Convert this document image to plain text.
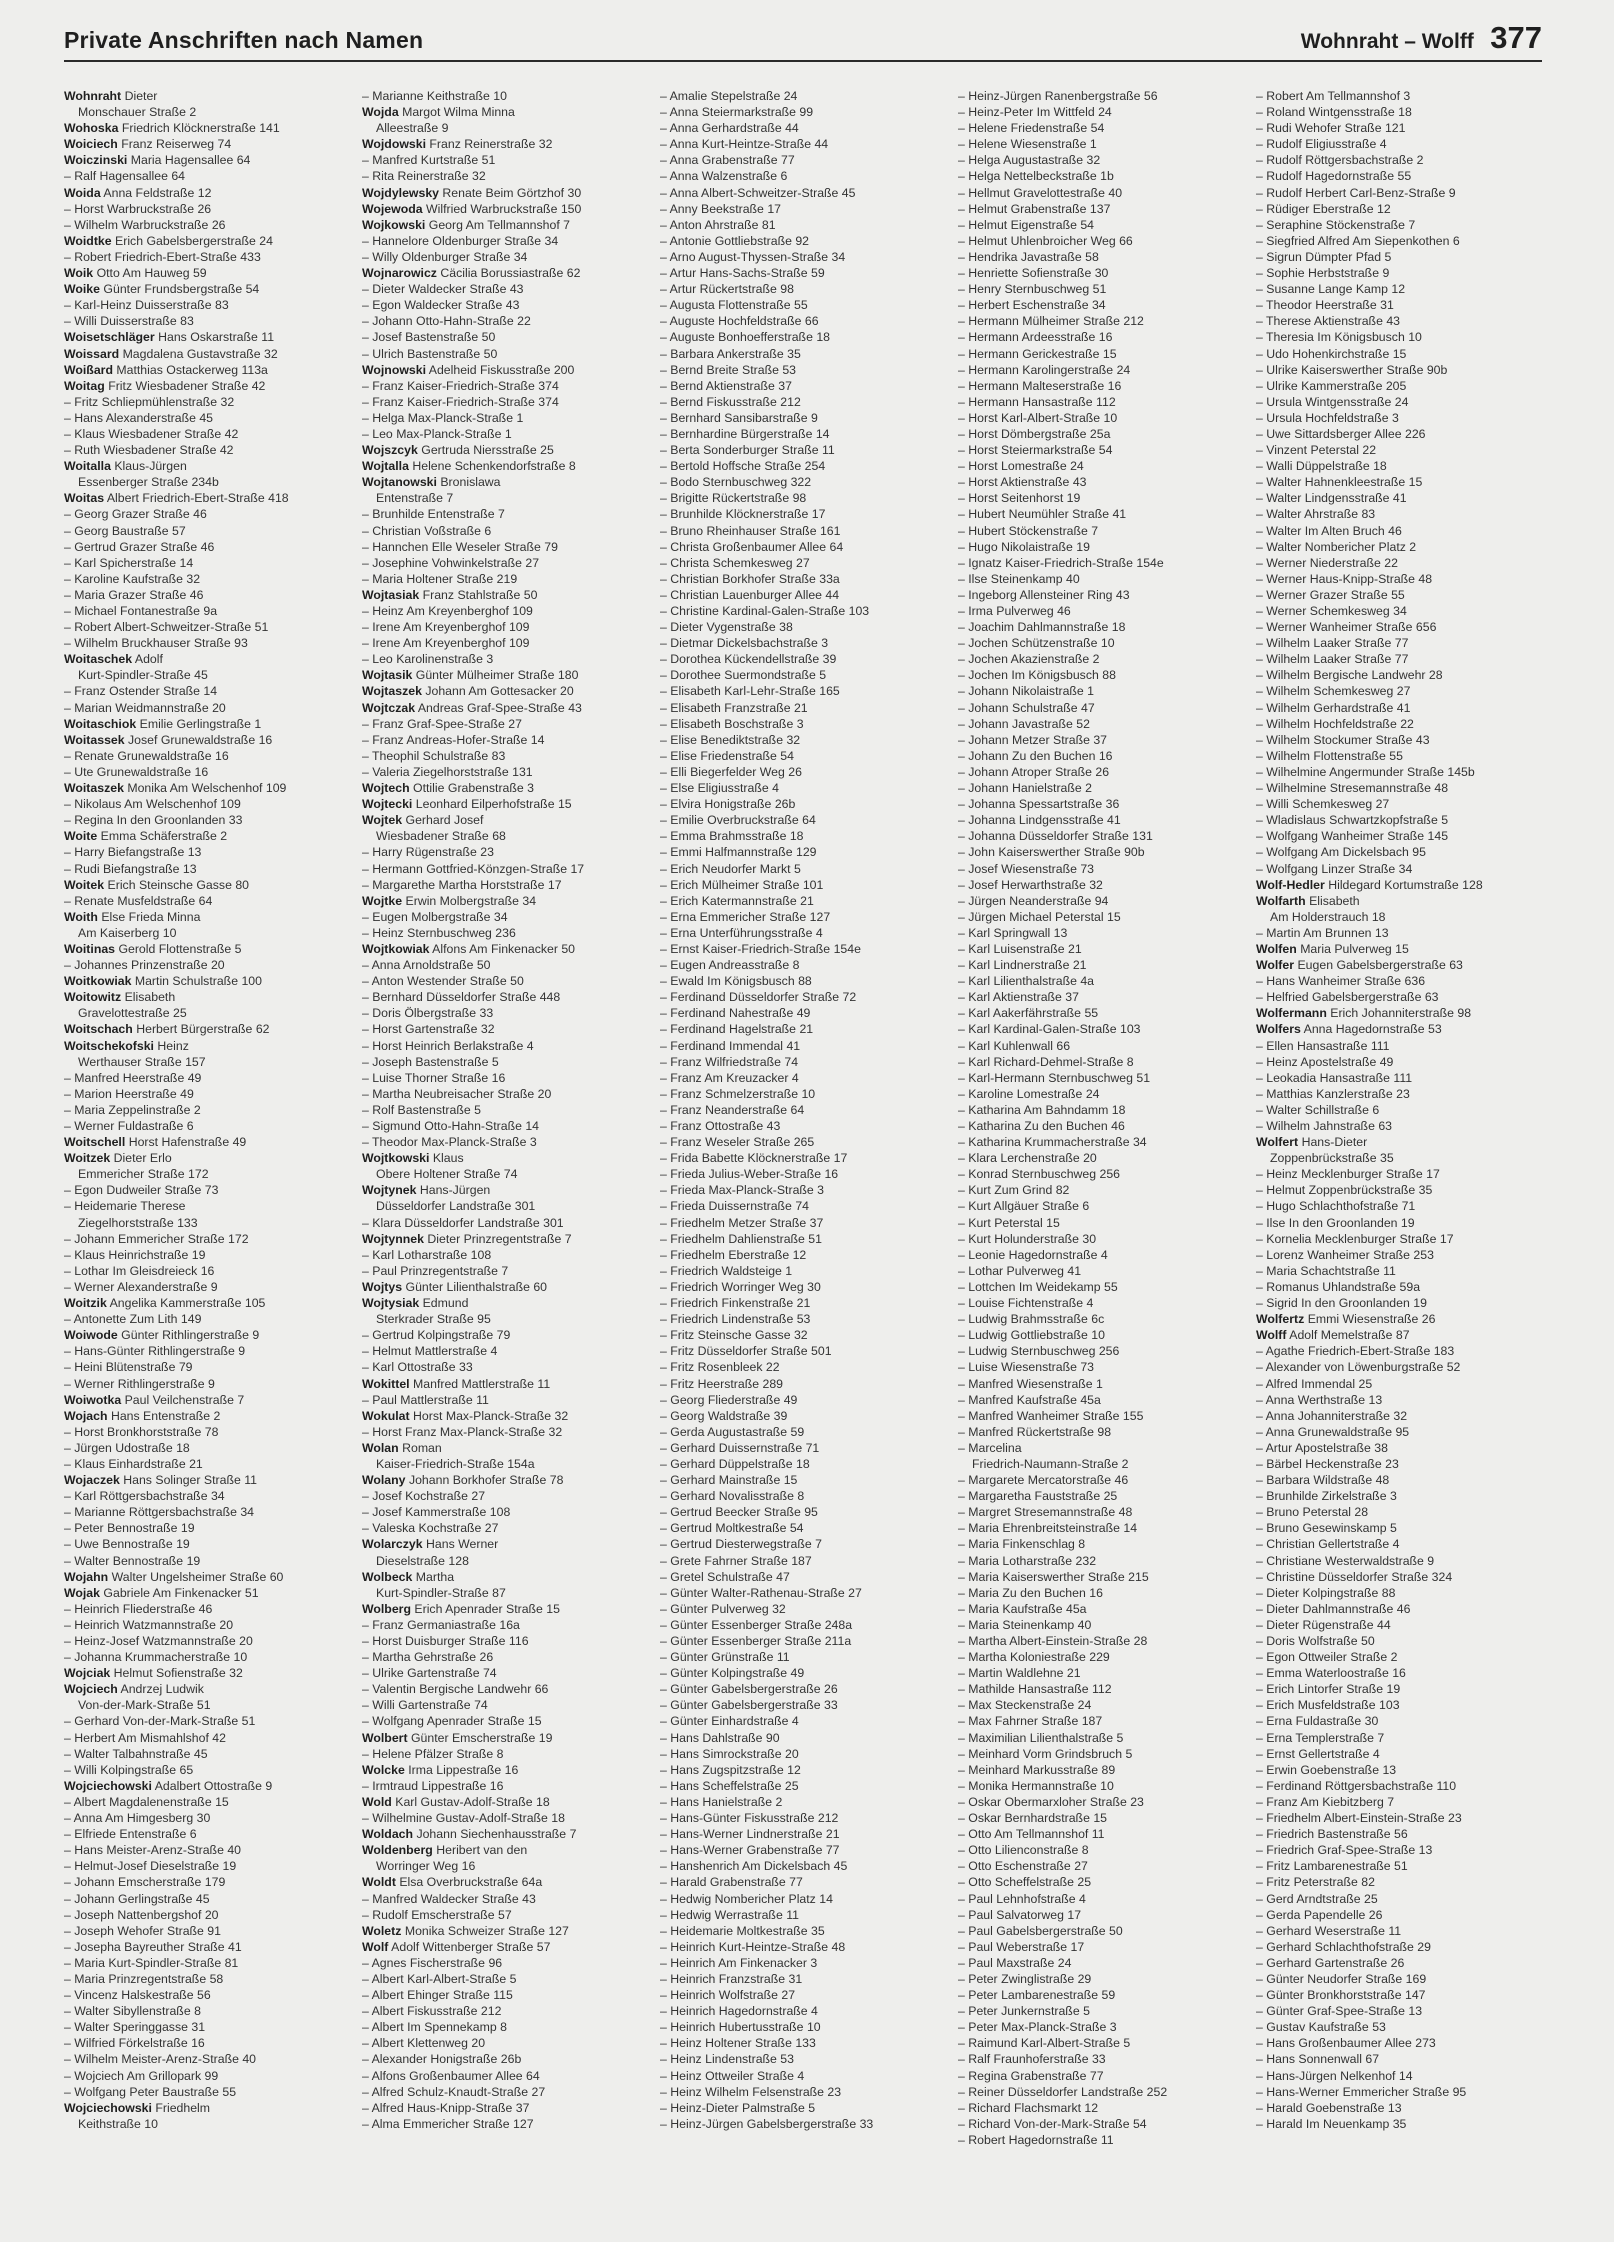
Private Anschriften nach Namen	Wohnraht – Wolff 377
Wohnraht Dieter
Monschauer Straße 2
Wohoska Friedrich Klöcknerstraße 141
Woiciech Franz Reiserweg 74
Woiczinski Maria Hagensallee 64
– Ralf Hagensallee 64
Woida Anna Feldstraße 12
– Horst Warbruckstraße 26
– Wilhelm Warbruckstraße 26
Woidtke Erich Gabelsbergerstraße 24
– Robert Friedrich-Ebert-Straße 433
Woik Otto Am Hauweg 59
Woike Günter Frundsbergstraße 54
– Karl-Heinz Duisserstraße 83
– Willi Duisserstraße 83
Woisetschläger Hans Oskarstraße 11
Woissard Magdalena Gustavstraße 32
Woißard Matthias Ostackerweg 113a
Woitag Fritz Wiesbadener Straße 42
– Fritz Schliepmühlenstraße 32
– Hans Alexanderstraße 45
– Klaus Wiesbadener Straße 42
– Ruth Wiesbadener Straße 42
Woitalla Klaus-Jürgen
Essenberger Straße 234b
Woitas Albert Friedrich-Ebert-Straße 418
– Georg Grazer Straße 46
– Georg Baustraße 57
– Gertrud Grazer Straße 46
– Karl Spicherstraße 14
– Karoline Kaufstraße 32
– Maria Grazer Straße 46
– Michael Fontanestraße 9a
– Robert Albert-Schweitzer-Straße 51
– Wilhelm Bruckhauser Straße 93
Woitaschek Adolf
Kurt-Spindler-Straße 45
– Franz Ostender Straße 14
– Marian Weidmannstraße 20
Woitaschiok Emilie Gerlingstraße 1
Woitassek Josef Grunewaldstraße 16
– Renate Grunewaldstraße 16
– Ute Grunewaldstraße 16
Woitaszek Monika Am Welschenhof 109
– Nikolaus Am Welschenhof 109
– Regina In den Groonlanden 33
Woite Emma Schäferstraße 2
– Harry Biefangstraße 13
– Rudi Biefangstraße 13
Woitek Erich Steinsche Gasse 80
– Renate Musfeldstraße 64
Woith Else Frieda Minna
Am Kaiserberg 10
Woitinas Gerold Flottenstraße 5
– Johannes Prinzenstraße 20
Woitkowiak Martin Schulstraße 100
Woitowitz Elisabeth
Gravelottestraße 25
Woitschach Herbert Bürgerstraße 62
Woitschekofski Heinz
Werthauser Straße 157
– Manfred Heerstraße 49
– Marion Heerstraße 49
– Maria Zeppelinstraße 2
– Werner Fuldastraße 6
Woitschell Horst Hafenstraße 49
Woitzek Dieter Erlo
Emmericher Straße 172
– Egon Dudweiler Straße 73
– Heidemarie Therese
Ziegelhorststraße 133
– Johann Emmericher Straße 172
– Klaus Heinrichstraße 19
– Lothar Im Gleisdreieck 16
– Werner Alexanderstraße 9
Woitzik Angelika Kammerstraße 105
– Antonette Zum Lith 149
Woiwode Günter Rithlingerstraße 9
– Hans-Günter Rithlingerstraße 9
– Heini Blütenstraße 79
– Werner Rithlingerstraße 9
Woiwotka Paul Veilchenstraße 7
Wojach Hans Entenstraße 2
– Horst Bronkhorststraße 78
– Jürgen Udostraße 18
– Klaus Einhardstraße 21
Wojaczek Hans Solinger Straße 11
– Karl Röttgersbachstraße 34
– Marianne Röttgersbachstraße 34
– Peter Bennostraße 19
– Uwe Bennostraße 19
– Walter Bennostraße 19
Wojahn Walter Ungelsheimer Straße 60
Wojak Gabriele Am Finkenacker 51
– Heinrich Fliederstraße 46
– Heinrich Watzmannstraße 20
– Heinz-Josef Watzmannstraße 20
– Johanna Krummacherstraße 10
Wojciak Helmut Sofienstraße 32
Wojciech Andrzej Ludwik
Von-der-Mark-Straße 51
– Gerhard Von-der-Mark-Straße 51
– Herbert Am Mismahlshof 42
– Walter Talbahnstraße 45
– Willi Kolpingstraße 65
Wojciechowski Adalbert Ottostraße 9
– Albert Magdalenenstraße 15
– Anna Am Himgesberg 30
– Elfriede Entenstraße 6
– Hans Meister-Arenz-Straße 40
– Helmut-Josef Dieselstraße 19
– Johann Emscherstraße 179
– Johann Gerlingstraße 45
– Joseph Nattenbergshof 20
– Joseph Wehofer Straße 91
– Josepha Bayreuther Straße 41
– Maria Kurt-Spindler-Straße 81
– Maria Prinzregentstraße 58
– Vincenz Halskestraße 56
– Walter Sibyllenstraße 8
– Walter Speringgasse 31
– Wilfried Förkelstraße 16
– Wilhelm Meister-Arenz-Straße 40
– Wojciech Am Grillopark 99
– Wolfgang Peter Baustraße 55
Wojciechowski Friedhelm
Keithstraße 10
– Marianne Keithstraße 10
Wojda Margot Wilma Minna
Alleestraße 9
Wojdowski Franz Reinerstraße 32
– Manfred Kurtstraße 51
– Rita Reinerstraße 32
Wojdylewsky Renate Beim Görtzhof 30
Wojewoda Wilfried Warbruckstraße 150
Wojkowski Georg Am Tellmannshof 7
– Hannelore Oldenburger Straße 34
– Willy Oldenburger Straße 34
Wojnarowicz Cäcilia Borussiastraße 62
– Dieter Waldecker Straße 43
– Egon Waldecker Straße 43
– Johann Otto-Hahn-Straße 22
– Josef Bastenstraße 50
– Ulrich Bastenstraße 50
Wojnowski Adelheid Fiskusstraße 200
– Franz Kaiser-Friedrich-Straße 374
– Franz Kaiser-Friedrich-Straße 374
– Helga Max-Planck-Straße 1
– Leo Max-Planck-Straße 1
Wojszcyk Gertruda Niersstraße 25
Wojtalla Helene Schenkendorfstraße 8
Wojtanowski Bronislawa
Entenstraße 7
– Brunhilde Entenstraße 7
– Christian Voßstraße 6
– Hannchen Elle Weseler Straße 79
– Josephine Vohwinkelstraße 27
– Maria Holtener Straße 219
Wojtasiak Franz Stahlstraße 50
– Heinz Am Kreyenberghof 109
– Irene Am Kreyenberghof 109
– Irene Am Kreyenberghof 109
– Leo Karolinenstraße 3
Wojtasik Günter Mülheimer Straße 180
Wojtaszek Johann Am Gottesacker 20
Wojtczak Andreas Graf-Spee-Straße 43
– Franz Graf-Spee-Straße 27
– Franz Andreas-Hofer-Straße 14
– Theophil Schulstraße 83
– Valeria Ziegelhorststraße 131
Wojtech Ottilie Grabenstraße 3
Wojtecki Leonhard Eilperhofstraße 15
Wojtek Gerhard Josef
Wiesbadener Straße 68
– Harry Rügenstraße 23
– Hermann Gottfried-Könzgen-Straße 17
– Margarethe Martha Horststraße 17
Wojtke Erwin Molbergstraße 34
– Eugen Molbergstraße 34
– Heinz Sternbuschweg 236
Wojtkowiak Alfons Am Finkenacker 50
– Anna Arnoldstraße 50
– Anton Westender Straße 50
– Bernhard Düsseldorfer Straße 448
– Doris Ölbergstraße 33
– Horst Gartenstraße 32
– Horst Heinrich Berlakstraße 4
– Joseph Bastenstraße 5
– Luise Thorner Straße 16
– Martha Neubreisacher Straße 20
– Rolf Bastenstraße 5
– Sigmund Otto-Hahn-Straße 14
– Theodor Max-Planck-Straße 3
Wojtkowski Klaus
Obere Holtener Straße 74
Wojtynek Hans-Jürgen
Düsseldorfer Landstraße 301
– Klara Düsseldorfer Landstraße 301
Wojtynnek Dieter Prinzregentstraße 7
– Karl Lotharstraße 108
– Paul Prinzregentstraße 7
Wojtys Günter Lilienthalstraße 60
Wojtysiak Edmund
Sterkrader Straße 95
– Gertrud Kolpingstraße 79
– Helmut Mattlerstraße 4
– Karl Ottostraße 33
Wokittel Manfred Mattlerstraße 11
– Paul Mattlerstraße 11
Wokulat Horst Max-Planck-Straße 32
– Horst Franz Max-Planck-Straße 32
Wolan Roman
Kaiser-Friedrich-Straße 154a
Wolany Johann Borkhofer Straße 78
– Josef Kochstraße 27
– Josef Kammerstraße 108
– Valeska Kochstraße 27
Wolarczyk Hans Werner
Dieselstraße 128
Wolbeck Martha
Kurt-Spindler-Straße 87
Wolberg Erich Apenrader Straße 15
– Franz Germaniastraße 16a
– Horst Duisburger Straße 116
– Martha Gehrstraße 26
– Ulrike Gartenstraße 74
– Valentin Bergische Landwehr 66
– Willi Gartenstraße 74
– Wolfgang Apenrader Straße 15
Wolbert Günter Emscherstraße 19
– Helene Pfälzer Straße 8
Wolcke Irma Lippestraße 16
– Irmtraud Lippestraße 16
Wold Karl Gustav-Adolf-Straße 18
– Wilhelmine Gustav-Adolf-Straße 18
Woldach Johann Siechenhausstraße 7
Woldenberg Heribert van den
Worringer Weg 16
Woldt Elsa Overbruckstraße 64a
– Manfred Waldecker Straße 43
– Rudolf Emscherstraße 57
Woletz Monika Schweizer Straße 127
Wolf Adolf Wittenberger Straße 57
– Agnes Fischerstraße 96
– Albert Karl-Albert-Straße 5
– Albert Ehinger Straße 115
– Albert Fiskusstraße 212
– Albert Im Spennekamp 8
– Albert Klettenweg 20
– Alexander Honigstraße 26b
– Alfons Großenbaumer Allee 64
– Alfred Schulz-Knaudt-Straße 27
– Alfred Haus-Knipp-Straße 37
– Alma Emmericher Straße 127
– Amalie Stepelstraße 24
– Anna Steiermarkstraße 99
– Anna Gerhardstraße 44
– Anna Kurt-Heintze-Straße 44
– Anna Grabenstraße 77
– Anna Walzenstraße 6
– Anna Albert-Schweitzer-Straße 45
– Anny Beekstraße 17
– Anton Ahrstraße 81
– Antonie Gottliebstraße 92
– Arno August-Thyssen-Straße 34
– Artur Hans-Sachs-Straße 59
– Artur Rückertstraße 98
– Augusta Flottenstraße 55
– Auguste Hochfeldstraße 66
– Auguste Bonhoefferstraße 18
– Barbara Ankerstraße 35
– Bernd Breite Straße 53
– Bernd Aktienstraße 37
– Bernd Fiskusstraße 212
– Bernhard Sansibarstraße 9
– Bernhardine Bürgerstraße 14
– Berta Sonderburger Straße 11
– Bertold Hoffsche Straße 254
– Bodo Sternbuschweg 322
– Brigitte Rückertstraße 98
– Brunhilde Klöcknerstraße 17
– Bruno Rheinhauser Straße 161
– Christa Großenbaumer Allee 64
– Christa Schemkesweg 27
– Christian Borkhofer Straße 33a
– Christian Lauenburger Allee 44
– Christine Kardinal-Galen-Straße 103
– Dieter Vygenstraße 38
– Dietmar Dickelsbachstraße 3
– Dorothea Kückendellstraße 39
– Dorothee Suermondstraße 5
– Elisabeth Karl-Lehr-Straße 165
– Elisabeth Franzstraße 21
– Elisabeth Boschstraße 3
– Elise Benediktstraße 32
– Elise Friedenstraße 54
– Elli Biegerfelder Weg 26
– Else Eligiusstraße 4
– Elvira Honigstraße 26b
– Emilie Overbruckstraße 64
– Emma Brahmsstraße 18
– Emmi Halfmannstraße 129
– Erich Neudorfer Markt 5
– Erich Mülheimer Straße 101
– Erich Katermannstraße 21
– Erna Emmericher Straße 127
– Erna Unterführungsstraße 4
– Ernst Kaiser-Friedrich-Straße 154e
– Eugen Andreasstraße 8
– Ewald Im Königsbusch 88
– Ferdinand Düsseldorfer Straße 72
– Ferdinand Nahestraße 49
– Ferdinand Hagelstraße 21
– Ferdinand Immendal 41
– Franz Wilfriedstraße 74
– Franz Am Kreuzacker 4
– Franz Schmelzerstraße 10
– Franz Neanderstraße 64
– Franz Ottostraße 43
– Franz Weseler Straße 265
– Frida Babette Klöcknerstraße 17
– Frieda Julius-Weber-Straße 16
– Frieda Max-Planck-Straße 3
– Frieda Duissernstraße 74
– Friedhelm Metzer Straße 37
– Friedhelm Dahlienstraße 51
– Friedhelm Eberstraße 12
– Friedrich Waldsteige 1
– Friedrich Worringer Weg 30
– Friedrich Finkenstraße 21
– Friedrich Lindenstraße 53
– Fritz Steinsche Gasse 32
– Fritz Düsseldorfer Straße 501
– Fritz Rosenbleek 22
– Fritz Heerstraße 289
– Georg Fliederstraße 49
– Georg Waldstraße 39
– Gerda Augustastraße 59
– Gerhard Duissernstraße 71
– Gerhard Düppelstraße 18
– Gerhard Mainstraße 15
– Gerhard Novalisstraße 8
– Gertrud Beecker Straße 95
– Gertrud Moltkestraße 54
– Gertrud Diesterwegstraße 7
– Grete Fahrner Straße 187
– Gretel Schulstraße 47
– Günter Walter-Rathenau-Straße 27
– Günter Pulverweg 32
– Günter Essenberger Straße 248a
– Günter Essenberger Straße 211a
– Günter Grünstraße 11
– Günter Kolpingstraße 49
– Günter Gabelsbergerstraße 26
– Günter Gabelsbergerstraße 33
– Günter Einhardstraße 4
– Hans Dahlstraße 90
– Hans Simrockstraße 20
– Hans Zugspitzstraße 12
– Hans Scheffelstraße 25
– Hans Hanielstraße 2
– Hans-Günter Fiskusstraße 212
– Hans-Werner Lindnerstraße 21
– Hans-Werner Grabenstraße 77
– Hanshenrich Am Dickelsbach 45
– Harald Grabenstraße 77
– Hedwig Nombericher Platz 14
– Hedwig Werrastraße 11
– Heidemarie Moltkestraße 35
– Heinrich Kurt-Heintze-Straße 48
– Heinrich Am Finkenacker 3
– Heinrich Franzstraße 31
– Heinrich Wolfstraße 27
– Heinrich Hagedornstraße 4
– Heinrich Hubertusstraße 10
– Heinz Holtener Straße 133
– Heinz Lindenstraße 53
– Heinz Ottweiler Straße 4
– Heinz Wilhelm Felsenstraße 23
– Heinz-Dieter Palmstraße 5
– Heinz-Jürgen Gabelsbergerstraße 33
– Heinz-Jürgen Ranenbergstraße 56
– Heinz-Peter Im Wittfeld 24
– Helene Friedenstraße 54
– Helene Wiesenstraße 1
– Helga Augustastraße 32
– Helga Nettelbeckstraße 1b
– Hellmut Gravelottestraße 40
– Helmut Grabenstraße 137
– Helmut Eigenstraße 54
– Helmut Uhlenbroicher Weg 66
– Hendrika Javastraße 58
– Henriette Sofienstraße 30
– Henry Sternbuschweg 51
– Herbert Eschenstraße 34
– Hermann Mülheimer Straße 212
– Hermann Ardeesstraße 16
– Hermann Gerickestraße 15
– Hermann Karolingerstraße 24
– Hermann Malteserstraße 16
– Hermann Hansastraße 112
– Horst Karl-Albert-Straße 10
– Horst Dömbergstraße 25a
– Horst Steiermarkstraße 54
– Horst Lomestraße 24
– Horst Aktienstraße 43
– Horst Seitenhorst 19
– Hubert Neumühler Straße 41
– Hubert Stöckenstraße 7
– Hugo Nikolaistraße 19
– Ignatz Kaiser-Friedrich-Straße 154e
– Ilse Steinenkamp 40
– Ingeborg Allensteiner Ring 43
– Irma Pulverweg 46
– Joachim Dahlmannstraße 18
– Jochen Schützenstraße 10
– Jochen Akazienstraße 2
– Jochen Im Königsbusch 88
– Johann Nikolaistraße 1
– Johann Schulstraße 47
– Johann Javastraße 52
– Johann Metzer Straße 37
– Johann Zu den Buchen 16
– Johann Atroper Straße 26
– Johann Hanielstraße 2
– Johanna Spessartstraße 36
– Johanna Lindgensstraße 41
– Johanna Düsseldorfer Straße 131
– John Kaiserswerther Straße 90b
– Josef Wiesenstraße 73
– Josef Herwarthstraße 32
– Jürgen Neanderstraße 94
– Jürgen Michael Peterstal 15
– Karl Springwall 13
– Karl Luisenstraße 21
– Karl Lindnerstraße 21
– Karl Lilienthalstraße 4a
– Karl Aktienstraße 37
– Karl Aakerfährstraße 55
– Karl Kardinal-Galen-Straße 103
– Karl Kuhlenwall 66
– Karl Richard-Dehmel-Straße 8
– Karl-Hermann Sternbuschweg 51
– Karoline Lomestraße 24
– Katharina Am Bahndamm 18
– Katharina Zu den Buchen 46
– Katharina Krummacherstraße 34
– Klara Lerchenstraße 20
– Konrad Sternbuschweg 256
– Kurt Zum Grind 82
– Kurt Allgäuer Straße 6
– Kurt Peterstal 15
– Kurt Holunderstraße 30
– Leonie Hagedornstraße 4
– Lothar Pulverweg 41
– Lottchen Im Weidekamp 55
– Louise Fichtenstraße 4
– Ludwig Brahmsstraße 6c
– Ludwig Gottliebstraße 10
– Ludwig Sternbuschweg 256
– Luise Wiesenstraße 73
– Manfred Wiesenstraße 1
– Manfred Kaufstraße 45a
– Manfred Wanheimer Straße 155
– Manfred Rückertstraße 98
– Marcelina
Friedrich-Naumann-Straße 2
– Margarete Mercatorstraße 46
– Margaretha Fauststraße 25
– Margret Stresemannstraße 48
– Maria Ehrenbreitsteinstraße 14
– Maria Finkenschlag 8
– Maria Lotharstraße 232
– Maria Kaiserswerther Straße 215
– Maria Zu den Buchen 16
– Maria Kaufstraße 45a
– Maria Steinenkamp 40
– Martha Albert-Einstein-Straße 28
– Martha Koloniestraße 229
– Martin Waldlehne 21
– Mathilde Hansastraße 112
– Max Steckenstraße 24
– Max Fahrner Straße 187
– Maximilian Lilienthalstraße 5
– Meinhard Vorm Grindsbruch 5
– Meinhard Markusstraße 89
– Monika Hermannstraße 10
– Oskar Obermarxloher Straße 23
– Oskar Bernhardstraße 15
– Otto Am Tellmannshof 11
– Otto Lilienconstraße 8
– Otto Eschenstraße 27
– Otto Scheffelstraße 25
– Paul Lehnhofstraße 4
– Paul Salvatorweg 17
– Paul Gabelsbergerstraße 50
– Paul Weberstraße 17
– Paul Maxstraße 24
– Peter Zwinglistraße 29
– Peter Lambarenestraße 59
– Peter Junkernstraße 5
– Peter Max-Planck-Straße 3
– Raimund Karl-Albert-Straße 5
– Ralf Fraunhoferstraße 33
– Regina Grabenstraße 77
– Reiner Düsseldorfer Landstraße 252
– Richard Flachsmarkt 12
– Richard Von-der-Mark-Straße 54
– Robert Hagedornstraße 11
– Robert Am Tellmannshof 3
– Roland Wintgensstraße 18
– Rudi Wehofer Straße 121
– Rudolf Eligiusstraße 4
– Rudolf Röttgersbachstraße 2
– Rudolf Hagedornstraße 55
– Rudolf Herbert Carl-Benz-Straße 9
– Rüdiger Eberstraße 12
– Seraphine Stöckenstraße 7
– Siegfried Alfred Am Siepenkothen 6
– Sigrun Dümpter Pfad 5
– Sophie Herbststraße 9
– Susanne Lange Kamp 12
– Theodor Heerstraße 31
– Therese Aktienstraße 43
– Theresia Im Königsbusch 10
– Udo Hohenkirchstraße 15
– Ulrike Kaiserswerther Straße 90b
– Ulrike Kammerstraße 205
– Ursula Wintgensstraße 24
– Ursula Hochfeldstraße 3
– Uwe Sittardsberger Allee 226
– Vinzent Peterstal 22
– Walli Düppelstraße 18
– Walter Hahnenkleestraße 15
– Walter Lindgensstraße 41
– Walter Ahrstraße 83
– Walter Im Alten Bruch 46
– Walter Nombericher Platz 2
– Werner Niederstraße 22
– Werner Haus-Knipp-Straße 48
– Werner Grazer Straße 55
– Werner Schemkesweg 34
– Werner Wanheimer Straße 656
– Wilhelm Laaker Straße 77
– Wilhelm Laaker Straße 77
– Wilhelm Bergische Landwehr 28
– Wilhelm Schemkesweg 27
– Wilhelm Gerhardstraße 41
– Wilhelm Hochfeldstraße 22
– Wilhelm Stockumer Straße 43
– Wilhelm Flottenstraße 55
– Wilhelmine Angermunder Straße 145b
– Wilhelmine Stresemannstraße 48
– Willi Schemkesweg 27
– Wladislaus Schwartzkopfstraße 5
– Wolfgang Wanheimer Straße 145
– Wolfgang Am Dickelsbach 95
– Wolfgang Linzer Straße 34
Wolf-Hedler Hildegard Kortumstraße 128
Wolfarth Elisabeth
Am Holderstrauch 18
– Martin Am Brunnen 13
Wolfen Maria Pulverweg 15
Wolfer Eugen Gabelsbergerstraße 63
– Hans Wanheimer Straße 636
– Helfried Gabelsbergerstraße 63
Wolfermann Erich Johanniterstraße 98
Wolfers Anna Hagedornstraße 53
– Ellen Hansastraße 111
– Heinz Apostelstraße 49
– Leokadia Hansastraße 111
– Matthias Kanzlerstraße 23
– Walter Schillstraße 6
– Wilhelm Jahnstraße 63
Wolfert Hans-Dieter
Zoppenbrückstraße 35
– Heinz Mecklenburger Straße 17
– Helmut Zoppenbrückstraße 35
– Hugo Schlachthofstraße 71
– Ilse In den Groonlanden 19
– Kornelia Mecklenburger Straße 17
– Lorenz Wanheimer Straße 253
– Maria Schachtstraße 11
– Romanus Uhlandstraße 59a
– Sigrid In den Groonlanden 19
Wolfertz Emmi Wiesenstraße 26
Wolff Adolf Memelstraße 87
– Agathe Friedrich-Ebert-Straße 183
– Alexander von Löwenburgstraße 52
– Alfred Immendal 25
– Anna Werthstraße 13
– Anna Johanniterstraße 32
– Anna Grunewaldstraße 95
– Artur Apostelstraße 38
– Bärbel Heckenstraße 23
– Barbara Wildstraße 48
– Brunhilde Zirkelstraße 3
– Bruno Peterstal 28
– Bruno Gesewinskamp 5
– Christian Gellertstraße 4
– Christiane Westerwaldstraße 9
– Christine Düsseldorfer Straße 324
– Dieter Kolpingstraße 88
– Dieter Dahlmannstraße 46
– Dieter Rügenstraße 44
– Doris Wolfstraße 50
– Egon Ottweiler Straße 2
– Emma Waterloostraße 16
– Erich Lintorfer Straße 19
– Erich Musfeldstraße 103
– Erna Fuldastraße 30
– Erna Templerstraße 7
– Ernst Gellertstraße 4
– Erwin Goebenstraße 13
– Ferdinand Röttgersbachstraße 110
– Franz Am Kiebitzberg 7
– Friedhelm Albert-Einstein-Straße 23
– Friedrich Bastenstraße 56
– Friedrich Graf-Spee-Straße 13
– Fritz Lambarenestraße 51
– Fritz Peterstraße 82
– Gerd Arndtstraße 25
– Gerda Papendelle 26
– Gerhard Weserstraße 11
– Gerhard Schlachthofstraße 29
– Gerhard Gartenstraße 26
– Günter Neudorfer Straße 169
– Günter Bronkhorststraße 147
– Günter Graf-Spee-Straße 13
– Gustav Kaufstraße 53
– Hans Großenbaumer Allee 273
– Hans Sonnenwall 67
– Hans-Jürgen Nelkenhof 14
– Hans-Werner Emmericher Straße 95
– Harald Goebenstraße 13
– Harald Im Neuenkamp 35
